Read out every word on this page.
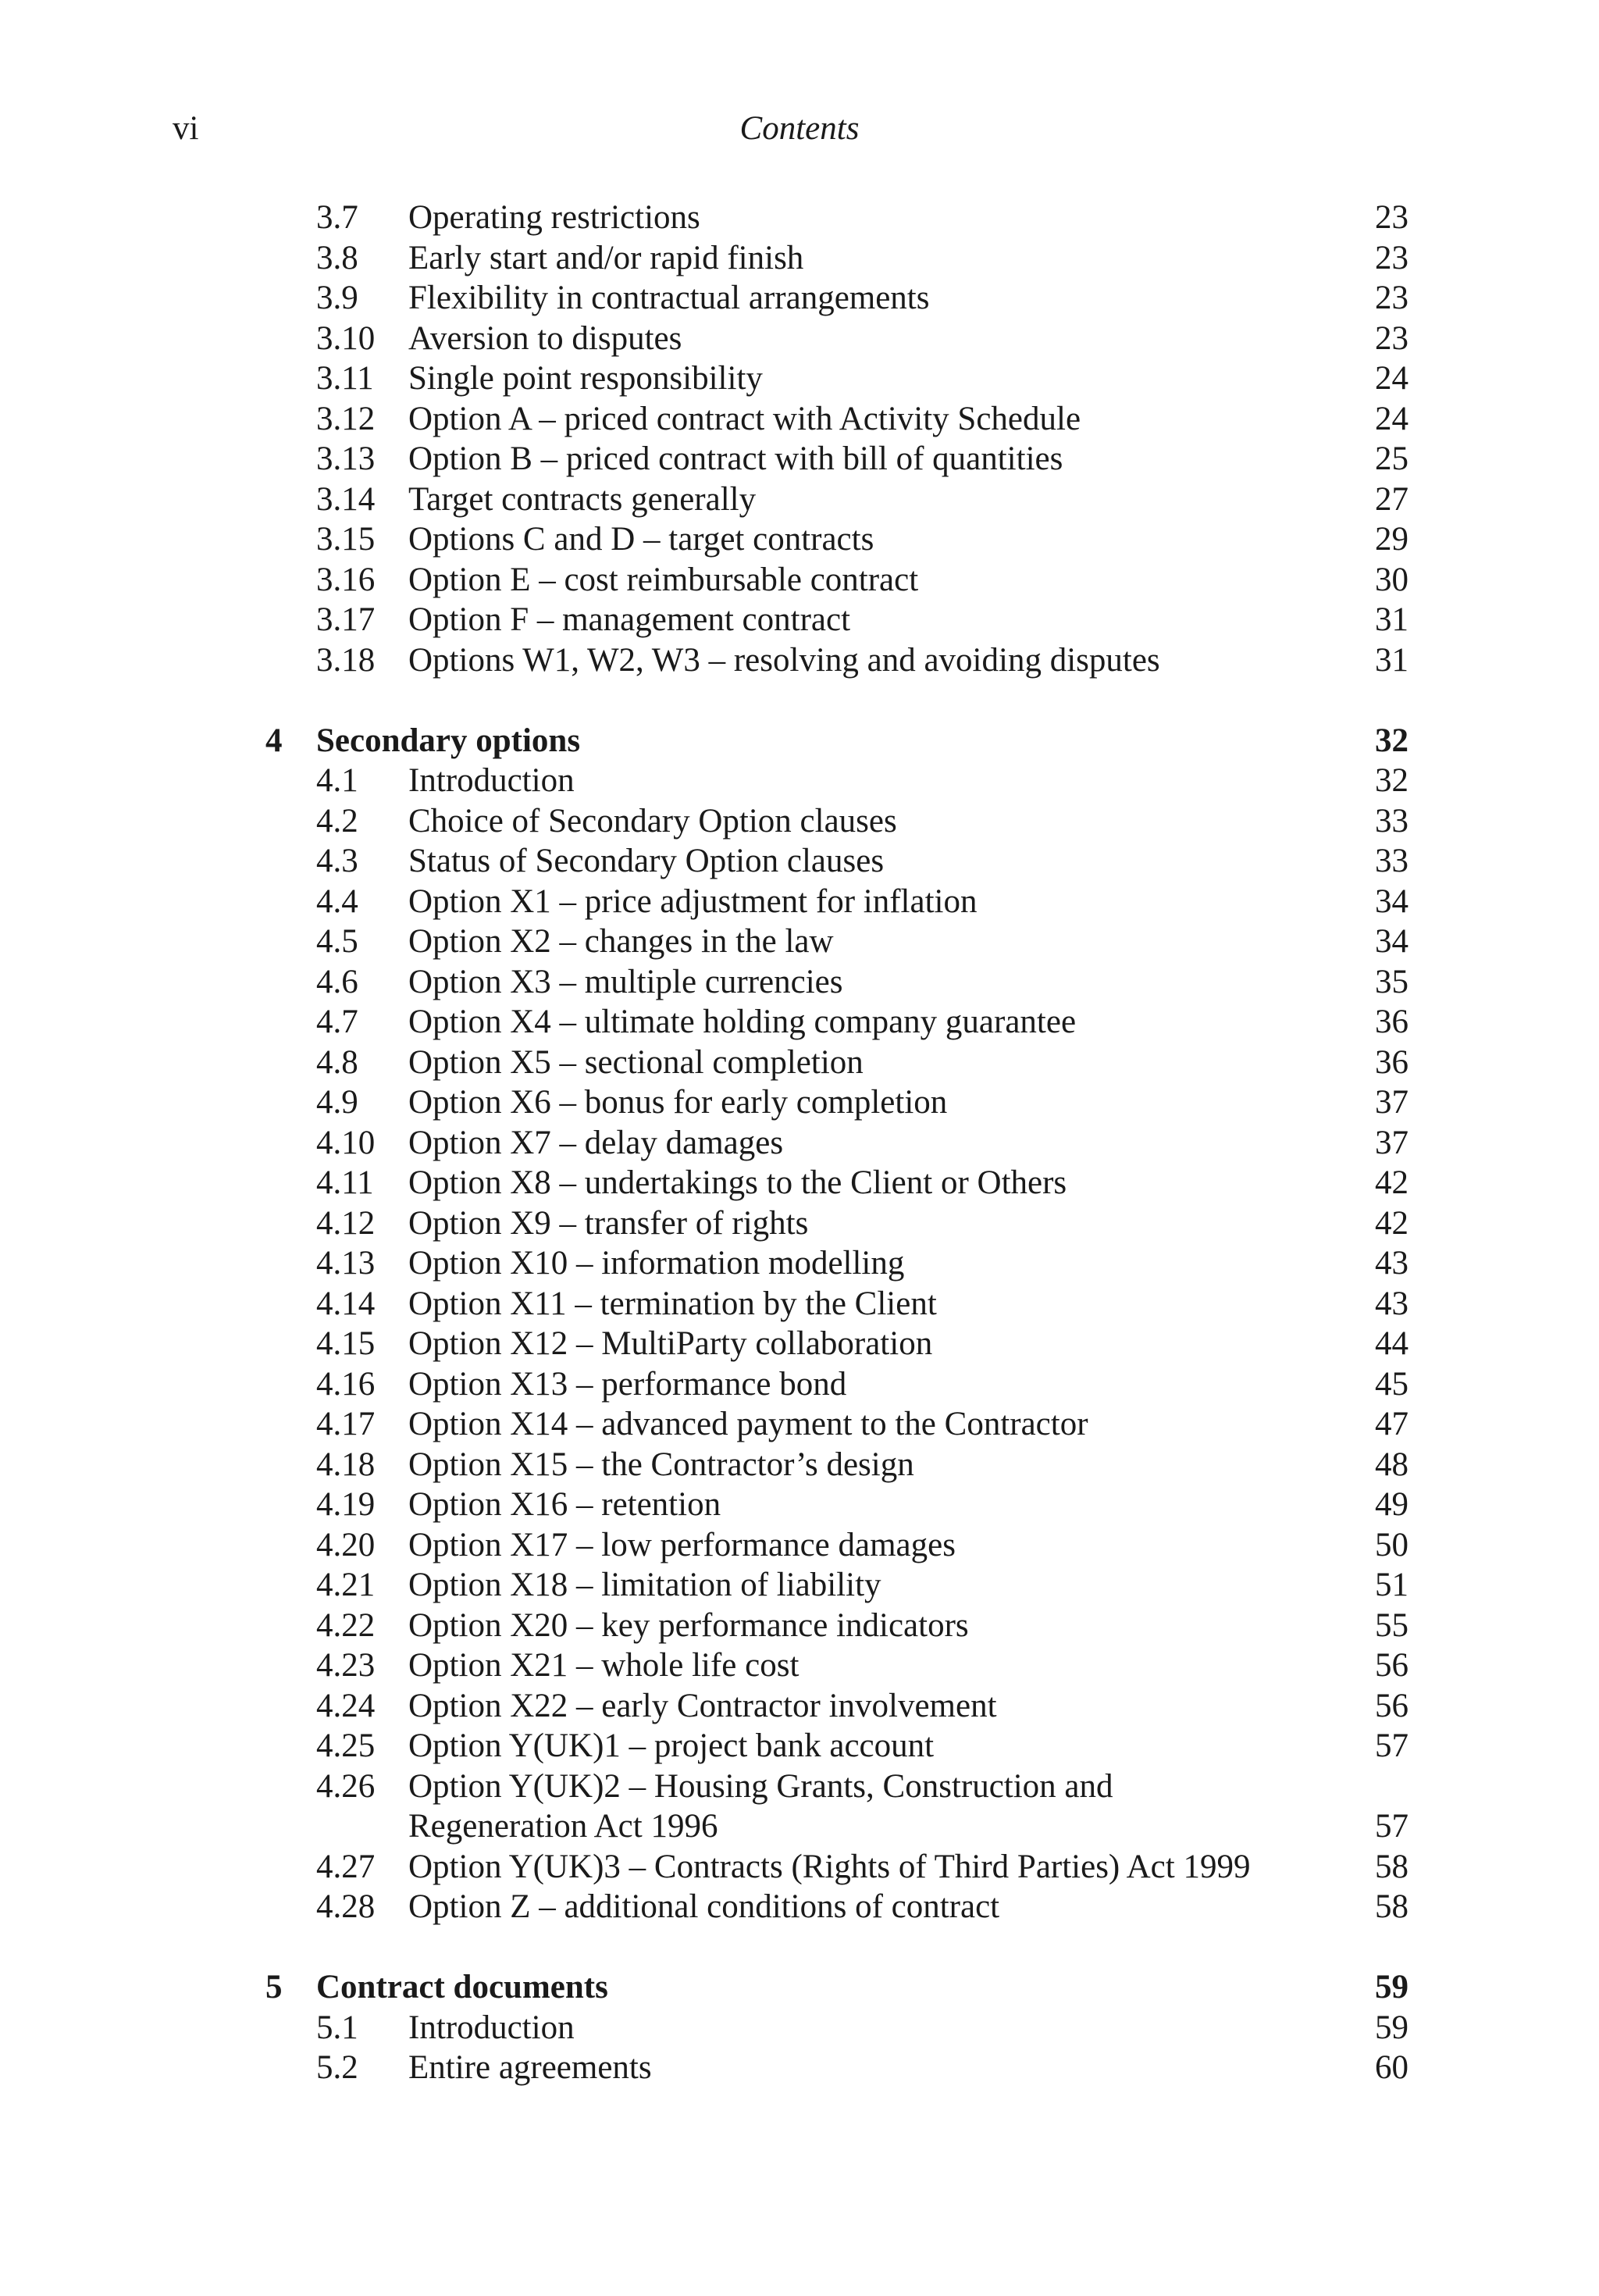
vi	Contents
3.7 Operating restrictions	23
3.8 Early start and/or rapid finish	23
3.9 Flexibility in contractual arrangements	23
3.10 Aversion to disputes	23
3.11 Single point responsibility	24
3.12 Option A – priced contract with Activity Schedule	24
3.13 Option B – priced contract with bill of quantities	25
3.14 Target contracts generally	27
3.15 Options C and D – target contracts	29
3.16 Option E – cost reimbursable contract	30
3.17 Option F – management contract	31
3.18 Options W1, W2, W3 – resolving and avoiding disputes	31
4 Secondary options	32
4.1 Introduction	32
4.2 Choice of Secondary Option clauses	33
4.3 Status of Secondary Option clauses	33
4.4 Option X1 – price adjustment for inflation	34
4.5 Option X2 – changes in the law	34
4.6 Option X3 – multiple currencies	35
4.7 Option X4 – ultimate holding company guarantee	36
4.8 Option X5 – sectional completion	36
4.9 Option X6 – bonus for early completion	37
4.10 Option X7 – delay damages	37
4.11 Option X8 – undertakings to the Client or Others	42
4.12 Option X9 – transfer of rights	42
4.13 Option X10 – information modelling	43
4.14 Option X11 – termination by the Client	43
4.15 Option X12 – MultiParty collaboration	44
4.16 Option X13 – performance bond	45
4.17 Option X14 – advanced payment to the Contractor	47
4.18 Option X15 – the Contractor’s design	48
4.19 Option X16 – retention	49
4.20 Option X17 – low performance damages	50
4.21 Option X18 – limitation of liability	51
4.22 Option X20 – key performance indicators	55
4.23 Option X21 – whole life cost	56
4.24 Option X22 – early Contractor involvement	56
4.25 Option Y(UK)1 – project bank account	57
4.26 Option Y(UK)2 – Housing Grants, Construction and
Regeneration Act 1996	57
4.27 Option Y(UK)3 – Contracts (Rights of Third Parties) Act 1999	58
4.28 Option Z – additional conditions of contract	58
5 Contract documents	59
5.1 Introduction	59
5.2 Entire agreements	60
